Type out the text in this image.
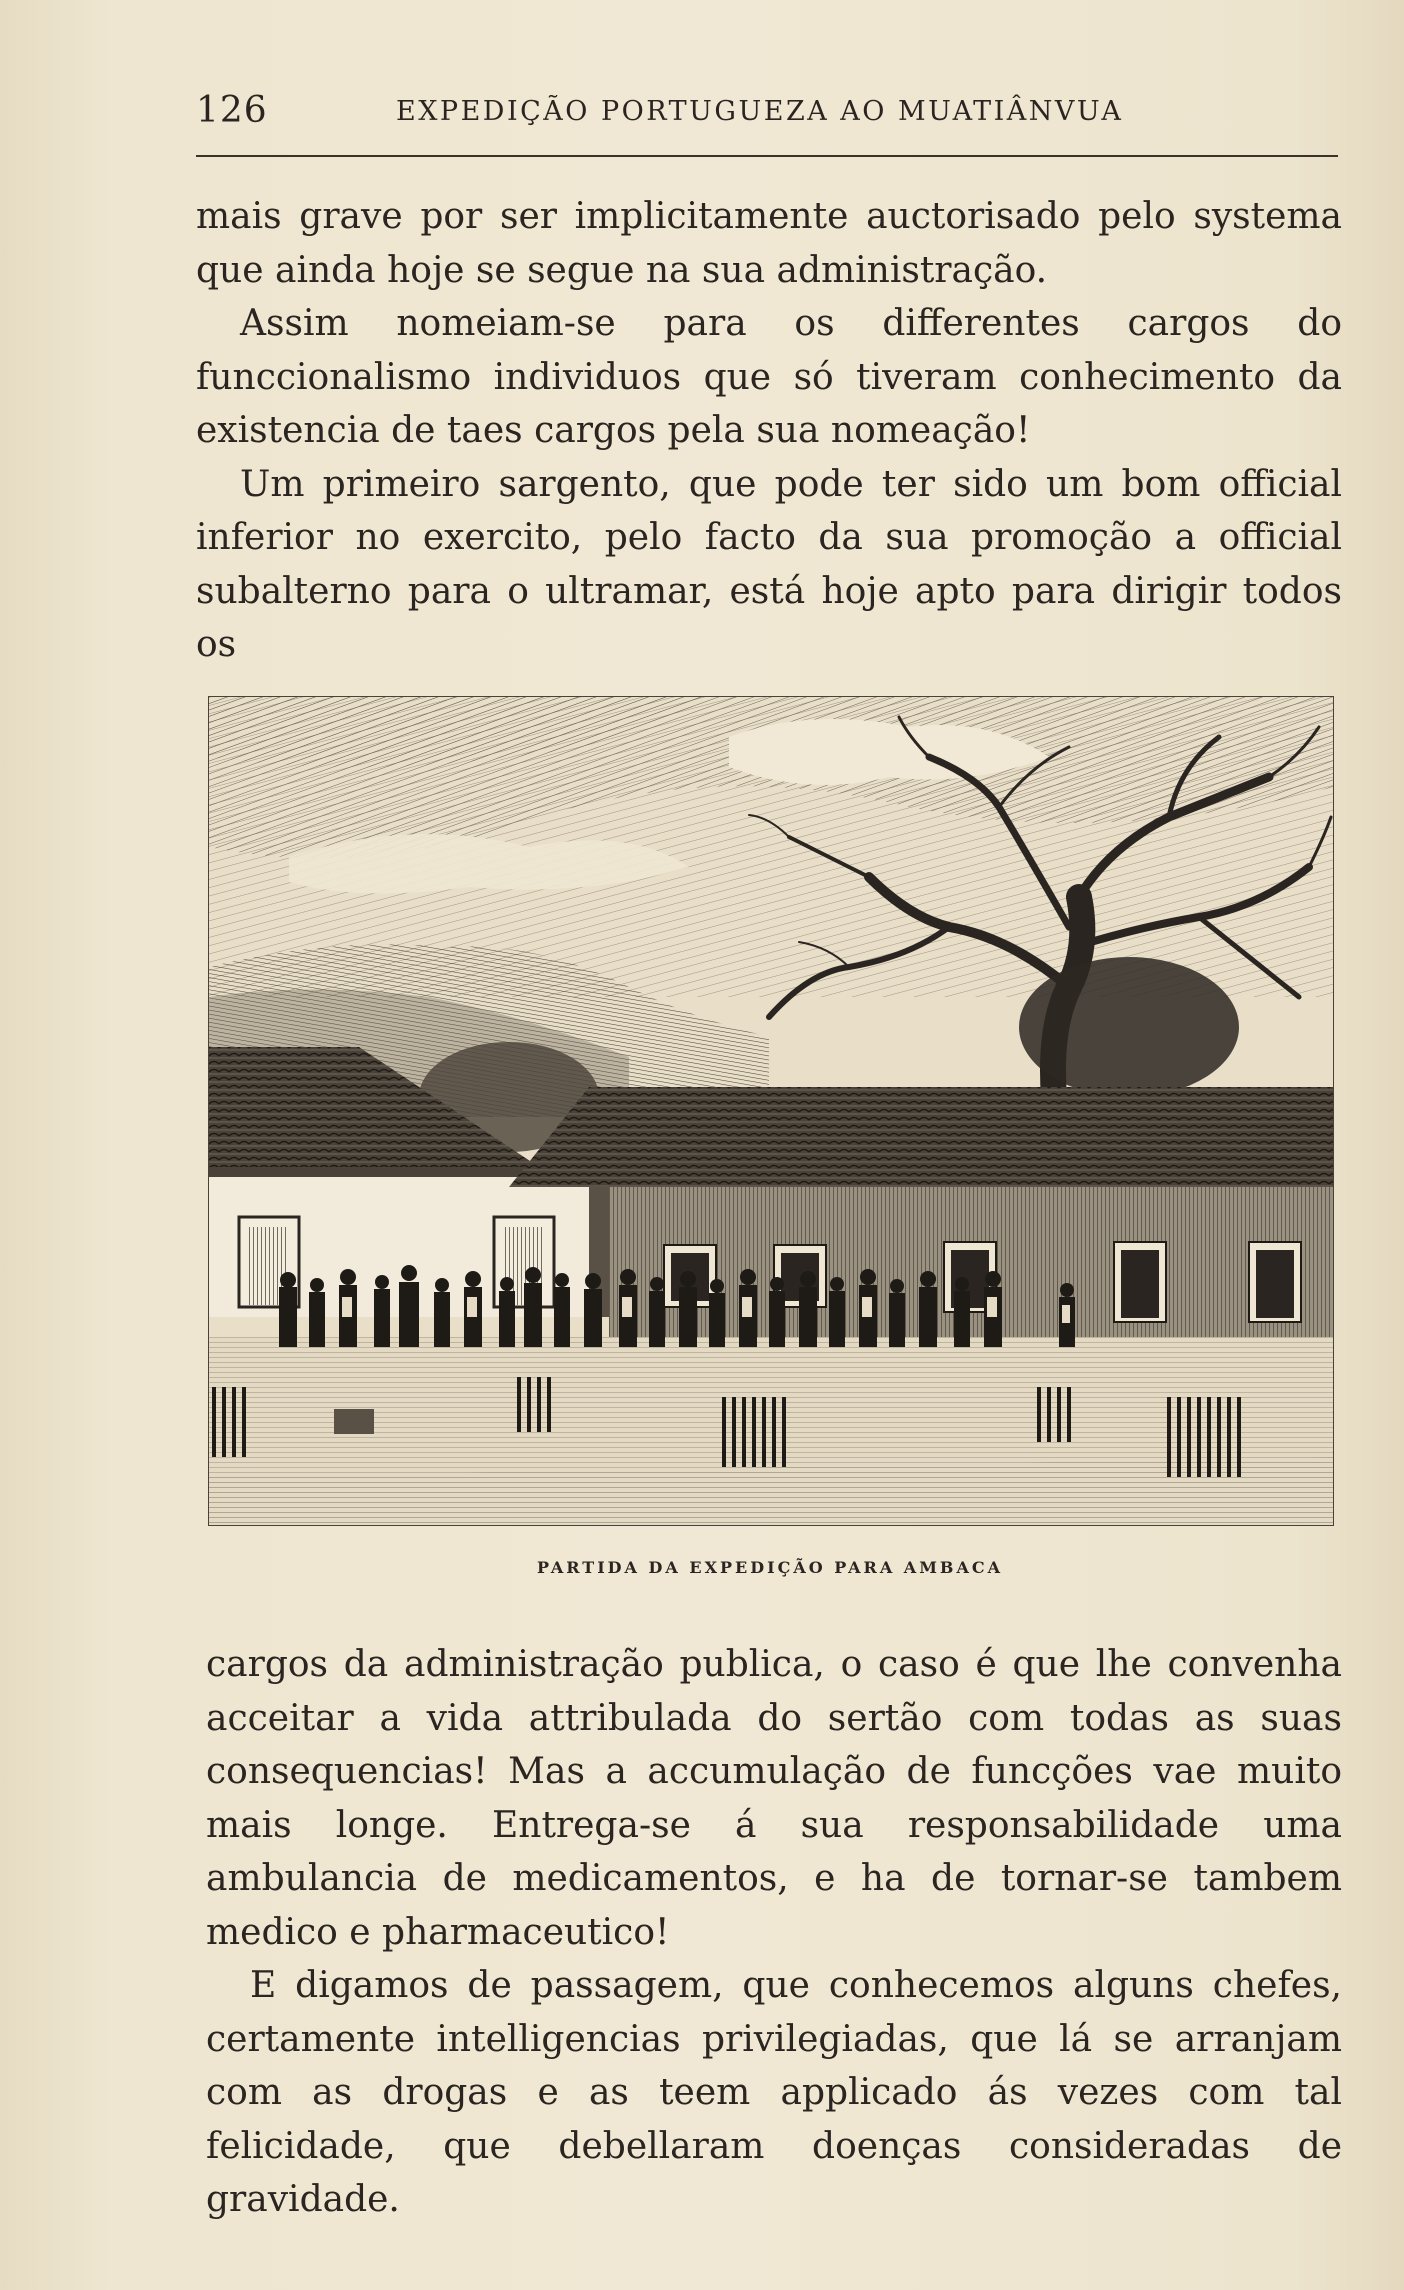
126	EXPEDIÇÃO PORTUGUEZA AO MUATIÂNVUA

mais grave por ser implicitamente auctorisado pelo systema que ainda hoje se segue na sua administração.

Assim nomeiam-se para os differentes cargos do funccionalismo individuos que só tiveram conhecimento da existencia de taes cargos pela sua nomeação!

Um primeiro sargento, que pode ter sido um bom official inferior no exercito, pelo facto da sua promoção a official subalterno para o ultramar, está hoje apto para dirigir todos os

PARTIDA DA EXPEDIÇÃO PARA AMBACA

cargos da administração publica, o caso é que lhe convenha acceitar a vida attribulada do sertão com todas as suas consequencias! Mas a accumulação de funcções vae muito mais longe. Entrega-se á sua responsabilidade uma ambulancia de medicamentos, e ha de tornar-se tambem medico e pharmaceutico!

E digamos de passagem, que conhecemos alguns chefes, certamente intelligencias privilegiadas, que lá se arranjam com as drogas e as teem applicado ás vezes com tal felicidade, que debellaram doenças consideradas de gravidade.
